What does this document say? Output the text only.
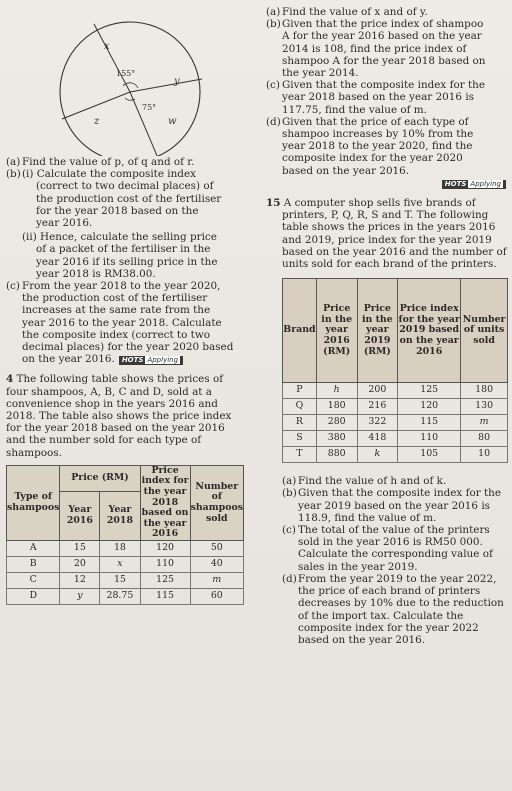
x
155°
y
75°
z	w
(a) Find the value of p, of q and of r.
(b)(i) Calculate the composite index
(correct to two decimal places) of
the production cost of the fertiliser
for the year 2018 based on the
year 2016.
(ii) Hence, calculate the selling price
of a packet of the fertiliser in the
year 2016 if its selling price in the
year 2018 is RM38.00.
(c) From the year 2018 to the year 2020,
the production cost of the fertiliser
increases at the same rate from the
year 2016 to the year 2018. Calculate
the composite index (correct to two
decimal places) for the year 2020 based
on the year 2016. HOTS Applying
4 The following table shows the prices of
four shampoos, A, B, C and D, sold at a
convenience shop in the years 2016 and
2018. The table also shows the price index
for the year 2018 based on the year 2016
and the number sold for each type of
shampoos.
Type of shampoos	Price (RM)		Price index for the year 2018 based on the year 2016	Number of shampoos sold
	Year 2016	Year 2018		
A	15	18	120	50
B	20	x	110	40
C	12	15	125	m
D	y	28.75	115	60
(a) Find the value of x and of y.
(b)Given that the price index of shampoo
A for the year 2016 based on the year
2014 is 108, find the price index of
shampoo A for the year 2018 based on
the year 2014.
(c) Given that the composite index for the
year 2018 based on the year 2016 is
117.75, find the value of m.
(d)Given that the price of each type of
shampoo increases by 10% from the
year 2018 to the year 2020, find the
composite index for the year 2020
based on the year 2016.
HOTS Applying
15 A computer shop sells five brands of
printers, P, Q, R, S and T. The following
table shows the prices in the years 2016
and 2019, price index for the year 2019
based on the year 2016 and the number of
units sold for each brand of the printers.
Brand	Price in the year 2016 (RM)	Price in the year 2019 (RM)	Price index for the year 2019 based on the year 2016	Number of units sold
P	h	200	125	180
Q	180	216	120	130
R	280	322	115	m
S	380	418	110	80
T	880	k	105	10
(a) Find the value of h and of k.
(b)Given that the composite index for the
year 2019 based on the year 2016 is
118.9, find the value of m.
(c) The total of the value of the printers
sold in the year 2016 is RM50 000.
Calculate the corresponding value of
sales in the year 2019.
(d)From the year 2019 to the year 2022,
the price of each brand of printers
decreases by 10% due to the reduction
of the import tax. Calculate the
composite index for the year 2022
based on the year 2016.
